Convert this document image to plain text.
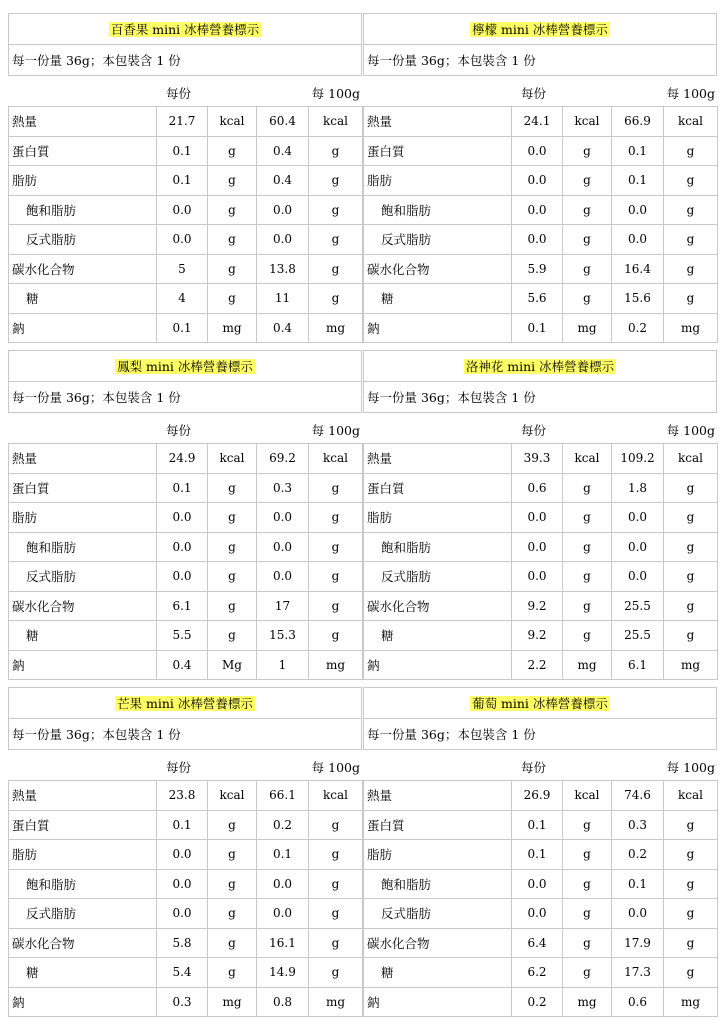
百香果 mini 冰棒營養標示
每一份量 36g；本包裝含 1 份
每份	每 100g
熱量	21.7	kcal	60.4	kcal
蛋白質	0.1	g	0.4	g
脂肪	0.1	g	0.4	g
飽和脂肪	0.0	g	0.0	g
反式脂肪	0.0	g	0.0	g
碳水化合物	5	g	13.8	g
糖	4	g	11	g
鈉	0.1	mg	0.4	mg
檸檬 mini 冰棒營養標示
每一份量 36g；本包裝含 1 份
每份	每 100g
熱量	24.1	kcal	66.9	kcal
蛋白質	0.0	g	0.1	g
脂肪	0.0	g	0.1	g
飽和脂肪	0.0	g	0.0	g
反式脂肪	0.0	g	0.0	g
碳水化合物	5.9	g	16.4	g
糖	5.6	g	15.6	g
鈉	0.1	mg	0.2	mg
鳳梨 mini 冰棒營養標示
每一份量 36g；本包裝含 1 份
每份	每 100g
熱量	24.9	kcal	69.2	kcal
蛋白質	0.1	g	0.3	g
脂肪	0.0	g	0.0	g
飽和脂肪	0.0	g	0.0	g
反式脂肪	0.0	g	0.0	g
碳水化合物	6.1	g	17	g
糖	5.5	g	15.3	g
鈉	0.4	Mg	1	mg
洛神花 mini 冰棒營養標示
每一份量 36g；本包裝含 1 份
每份	每 100g
熱量	39.3	kcal	109.2	kcal
蛋白質	0.6	g	1.8	g
脂肪	0.0	g	0.0	g
飽和脂肪	0.0	g	0.0	g
反式脂肪	0.0	g	0.0	g
碳水化合物	9.2	g	25.5	g
糖	9.2	g	25.5	g
鈉	2.2	mg	6.1	mg
芒果 mini 冰棒營養標示
每一份量 36g；本包裝含 1 份
每份	每 100g
熱量	23.8	kcal	66.1	kcal
蛋白質	0.1	g	0.2	g
脂肪	0.0	g	0.1	g
飽和脂肪	0.0	g	0.0	g
反式脂肪	0.0	g	0.0	g
碳水化合物	5.8	g	16.1	g
糖	5.4	g	14.9	g
鈉	0.3	mg	0.8	mg
葡萄 mini 冰棒營養標示
每一份量 36g；本包裝含 1 份
每份	每 100g
熱量	26.9	kcal	74.6	kcal
蛋白質	0.1	g	0.3	g
脂肪	0.1	g	0.2	g
飽和脂肪	0.0	g	0.1	g
反式脂肪	0.0	g	0.0	g
碳水化合物	6.4	g	17.9	g
糖	6.2	g	17.3	g
鈉	0.2	mg	0.6	mg
